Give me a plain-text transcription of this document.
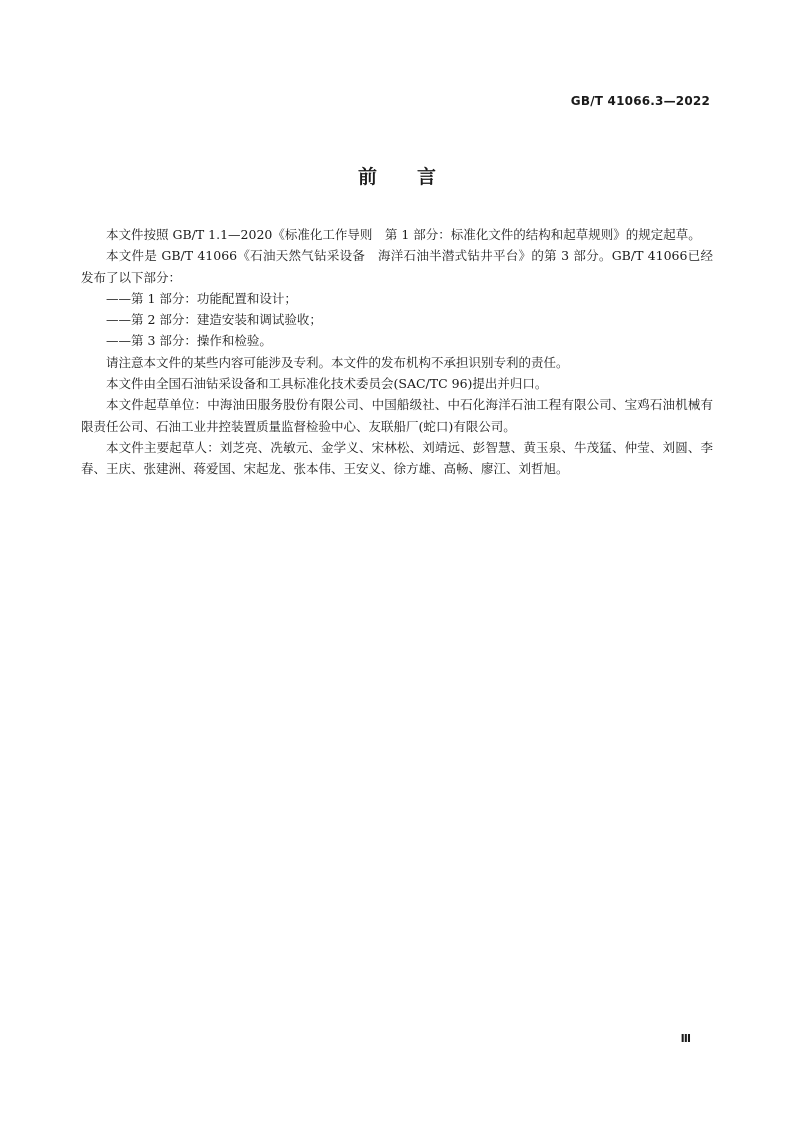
GB/T 41066.3—2022
前 言

本文件按照 GB/T 1.1—2020《标准化工作导则　第 1 部分：标准化文件的结构和起草规则》的规定起草。

本文件是 GB/T 41066《石油天然气钻采设备　海洋石油半潜式钻井平台》的第 3 部分。GB/T 41066已经发布了以下部分：

——第 1 部分：功能配置和设计；

——第 2 部分：建造安装和调试验收；

——第 3 部分：操作和检验。

请注意本文件的某些内容可能涉及专利。本文件的发布机构不承担识别专利的责任。

本文件由全国石油钻采设备和工具标准化技术委员会(SAC/TC 96)提出并归口。

本文件起草单位：中海油田服务股份有限公司、中国船级社、中石化海洋石油工程有限公司、宝鸡石油机械有限责任公司、石油工业井控装置质量监督检验中心、友联船厂(蛇口)有限公司。

本文件主要起草人：刘芝亮、冼敏元、金学义、宋林松、刘靖远、彭智慧、黄玉泉、牛茂猛、仲莹、刘圆、李春、王庆、张建洲、蒋爱国、宋起龙、张本伟、王安义、徐方雄、高畅、廖江、刘哲旭。

Ⅲ
